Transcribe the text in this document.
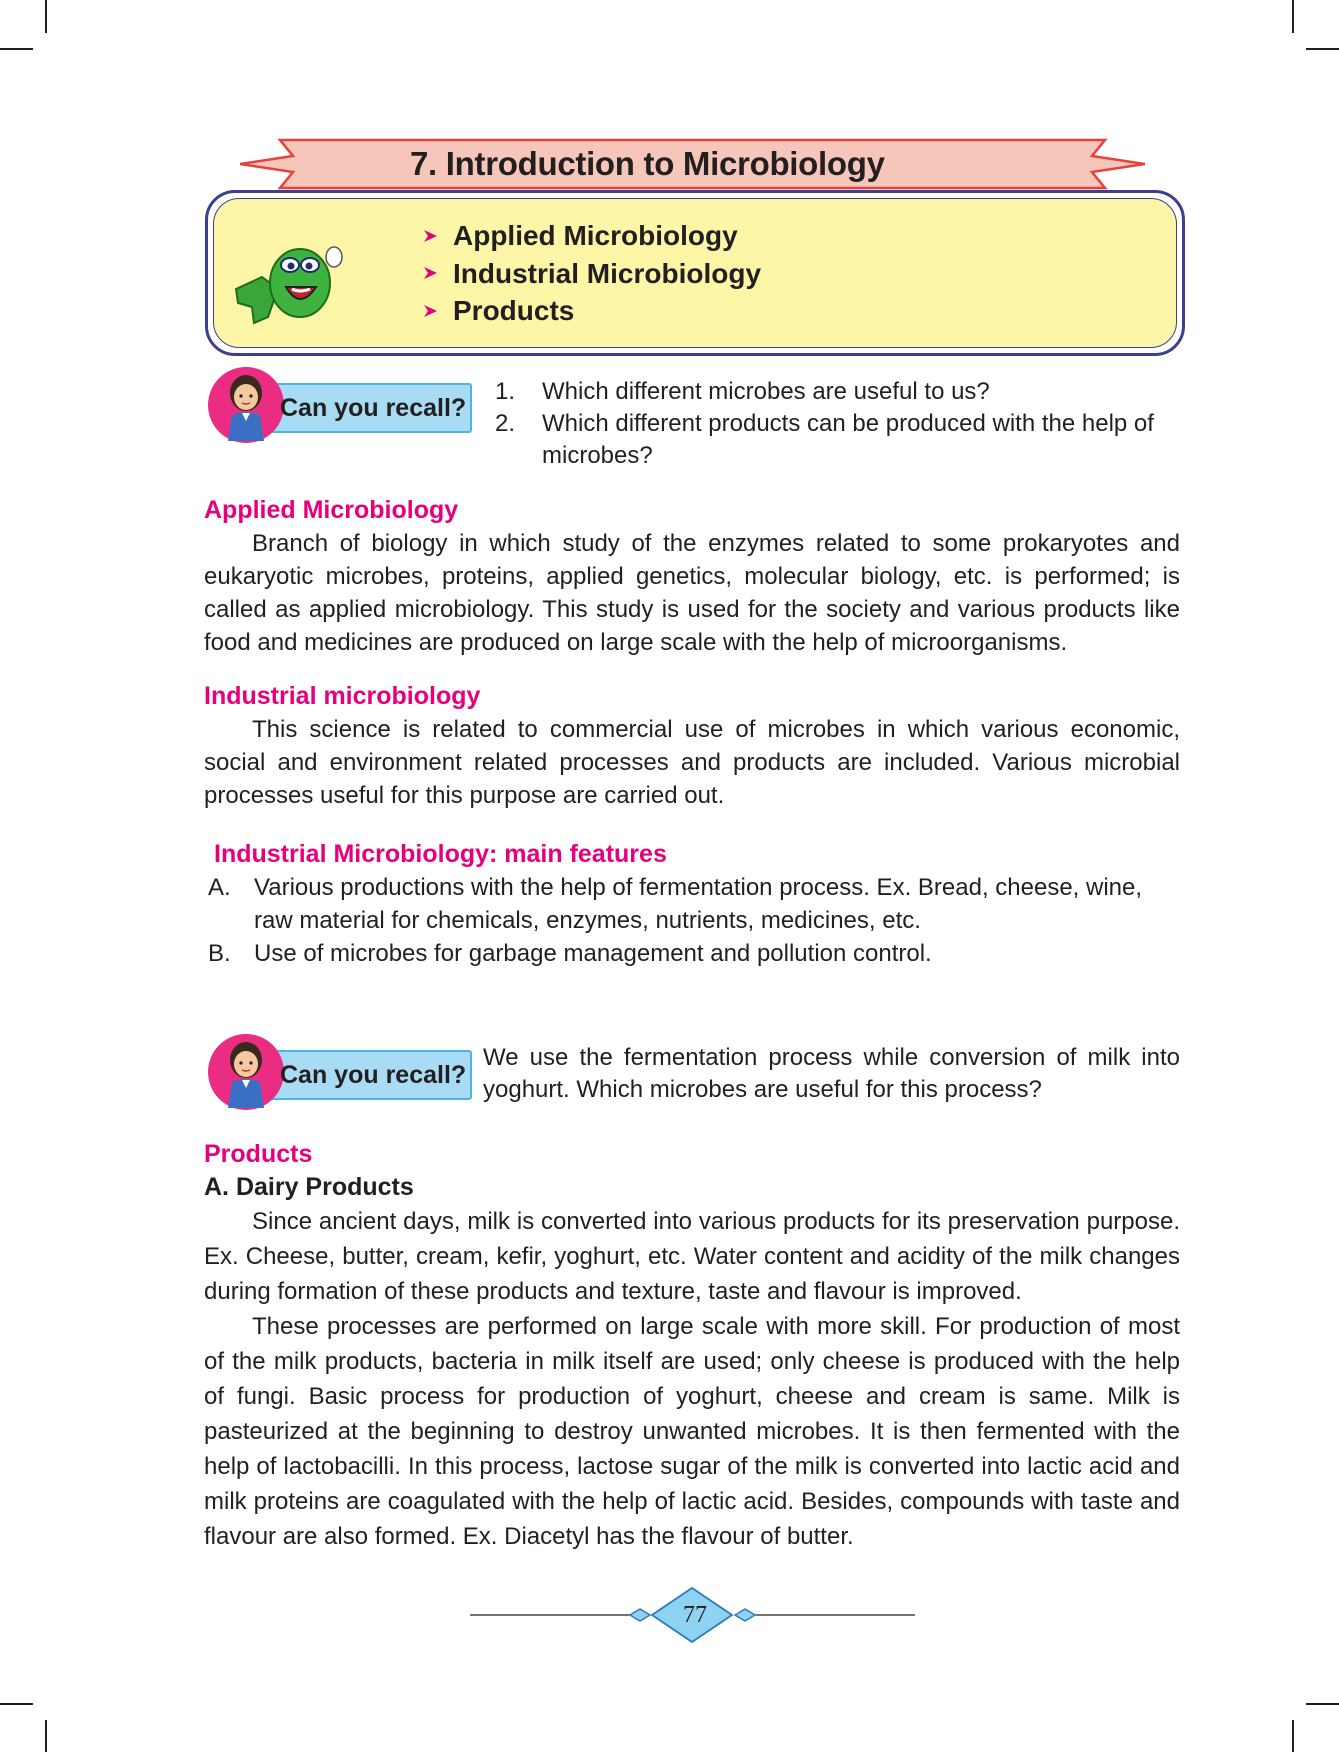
7. Introduction to Microbiology
Applied Microbiology
Industrial Microbiology
Products
Can you recall?
1.	Which different microbes are useful to us?
2.	Which different products can be produced with the help of microbes?

Applied Microbiology

Branch of biology in which study of the enzymes related to some prokaryotes and eukaryotic microbes, proteins, applied genetics, molecular biology, etc. is performed; is called as applied microbiology. This study is used for the society and various products like food and medicines are produced on large scale with the help of microorganisms.

Industrial microbiology

This science is related to commercial use of microbes in which various economic, social and environment related processes and products are included. Various microbial processes useful for this purpose are carried out.

Industrial Microbiology: main features

A. Various productions with the help of fermentation process. Ex. Bread, cheese, wine, raw material for chemicals, enzymes, nutrients, medicines, etc.
B. Use of microbes for garbage management and pollution control.
Can you recall?

We use the fermentation process while conversion of milk into yoghurt. Which microbes are useful for this process?

Products

A. Dairy Products

Since ancient days, milk is converted into various products for its preservation purpose. Ex. Cheese, butter, cream, kefir, yoghurt, etc. Water content and acidity of the milk changes during formation of these products and texture, taste and flavour is improved.

These processes are performed on large scale with more skill. For production of most of the milk products, bacteria in milk itself are used; only cheese is produced with the help of fungi. Basic process for production of yoghurt, cheese and cream is same. Milk is pasteurized at the beginning to destroy unwanted microbes. It is then fermented with the help of lactobacilli. In this process, lactose sugar of the milk is converted into lactic acid and milk proteins are coagulated with the help of lactic acid. Besides, compounds with taste and flavour are also formed. Ex. Diacetyl has the flavour of butter.

77
